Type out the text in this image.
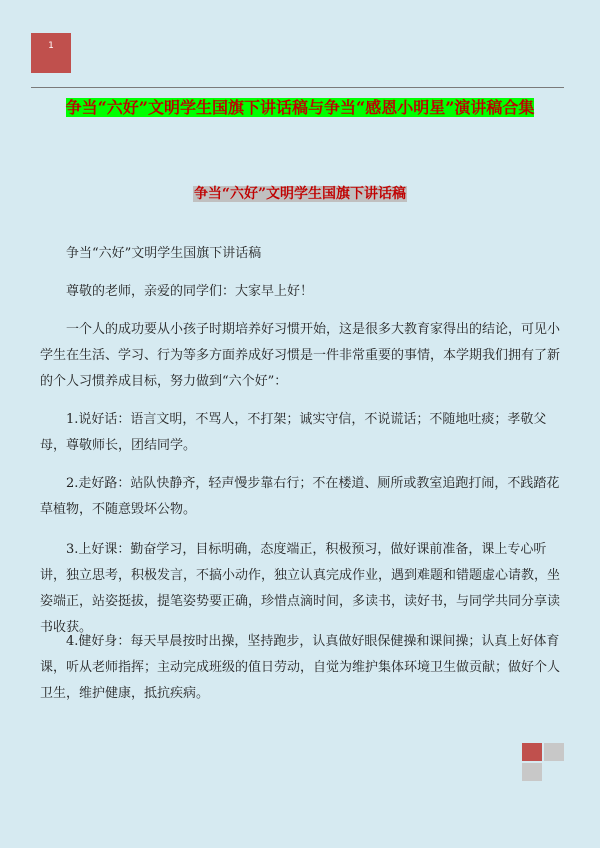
1
争当“六好”文明学生国旗下讲话稿与争当“感恩小明星”演讲稿合集
争当“六好”文明学生国旗下讲话稿
争当“六好”文明学生国旗下讲话稿
尊敬的老师，亲爱的同学们：大家早上好！
一个人的成功要从小孩子时期培养好习惯开始，这是很多大教育家得出的结论，可见小学生在生活、学习、行为等多方面养成好习惯是一件非常重要的事情，本学期我们拥有了新的个人习惯养成目标，努力做到“六个好”：
1.说好话：语言文明，不骂人，不打架；诚实守信，不说谎话；不随地吐痰；孝敬父母，尊敬师长，团结同学。
2.走好路：站队快静齐，轻声慢步靠右行；不在楼道、厕所或教室追跑打闹，不践踏花草植物，不随意毁坏公物。
3.上好课：勤奋学习，目标明确，态度端正，积极预习，做好课前准备，课上专心听讲，独立思考，积极发言，不搞小动作，独立认真完成作业，遇到难题和错题虚心请教，坐姿端正，站姿挺拔，提笔姿势要正确，珍惜点滴时间，多读书，读好书，与同学共同分享读书收获。
4.健好身：每天早晨按时出操，坚持跑步，认真做好眼保健操和课间操；认真上好体育课，听从老师指挥；主动完成班级的值日劳动，自觉为维护集体环境卫生做贡献；做好个人卫生，维护健康，抵抗疾病。
